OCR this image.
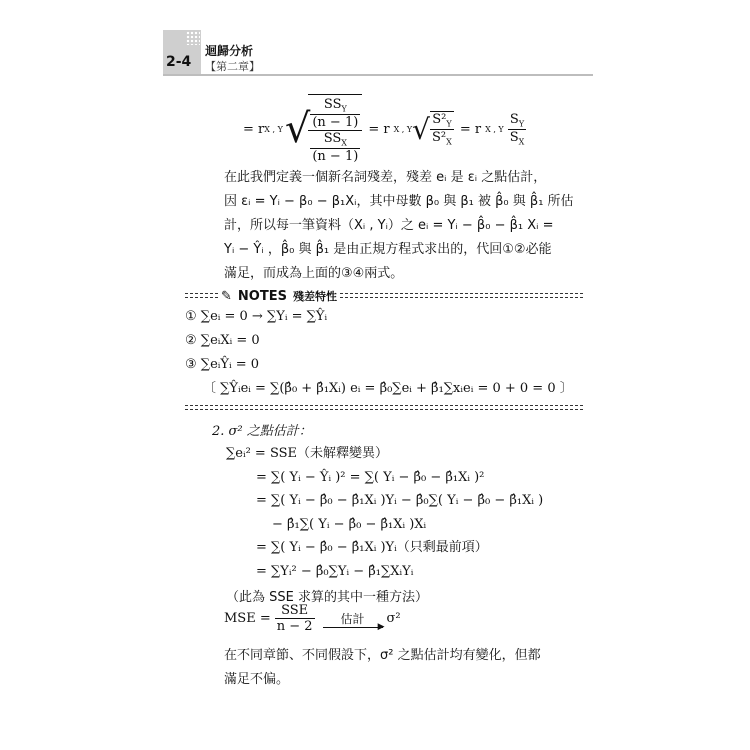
2-4
迴歸分析
【第二章】
= r X , Y √
$\frac{\frac{SS_Y}{(n - 1)}}{\frac{SS_X}{(n - 1)}} = r$ X , Y √ $\frac{S^2_Y}{S^2_X} = r$ X , Y $\frac{S_Y}{S_X}$
在此我們定義一個新名詞殘差，殘差 eᵢ 是 εᵢ 之點估計，
因 εᵢ = Yᵢ − β₀ − β₁Xᵢ，其中母數 β₀ 與 β₁ 被 β̂₀ 與 β̂₁ 所估
計，所以每一筆資料（Xᵢ , Yᵢ）之 eᵢ = Yᵢ − β̂₀ − β̂₁ Xᵢ =
Yᵢ − Ŷᵢ ，β̂₀ 與 β̂₁ 是由正規方程式求出的，代回①②必能
滿足，而成為上面的③④兩式。
✎ NOTES 殘差特性
① ∑eᵢ = 0 → ∑Yᵢ = ∑Ŷᵢ
② ∑eᵢXᵢ = 0
③ ∑eᵢŶᵢ = 0
〔 ∑Ŷᵢeᵢ = ∑(β̂₀ + β̂₁Xᵢ) eᵢ = β̂₀∑eᵢ + β̂₁∑xᵢeᵢ = 0 + 0 = 0 〕
2. σ² 之點估計：
∑eᵢ² = SSE（未解釋變異）
= ∑( Yᵢ − Ŷᵢ )² = ∑( Yᵢ − β̂₀ − β̂₁Xᵢ )²
= ∑( Yᵢ − β̂₀ − β̂₁Xᵢ )Yᵢ − β̂₀∑( Yᵢ − β̂₀ − β̂₁Xᵢ )
− β̂₁∑( Yᵢ − β̂₀ − β̂₁Xᵢ )Xᵢ
= ∑( Yᵢ − β̂₀ − β̂₁Xᵢ )Yᵢ（只剩最前項）
= ∑Yᵢ² − β̂₀∑Yᵢ − β̂₁∑XᵢYᵢ
（此為 SSE 求算的其中一種方法）
MSE = $\frac{\text{SSE}}{n - 2}$ 估計
▶
σ²
在不同章節、不同假設下，σ² 之點估計均有變化，但都
滿足不偏。
